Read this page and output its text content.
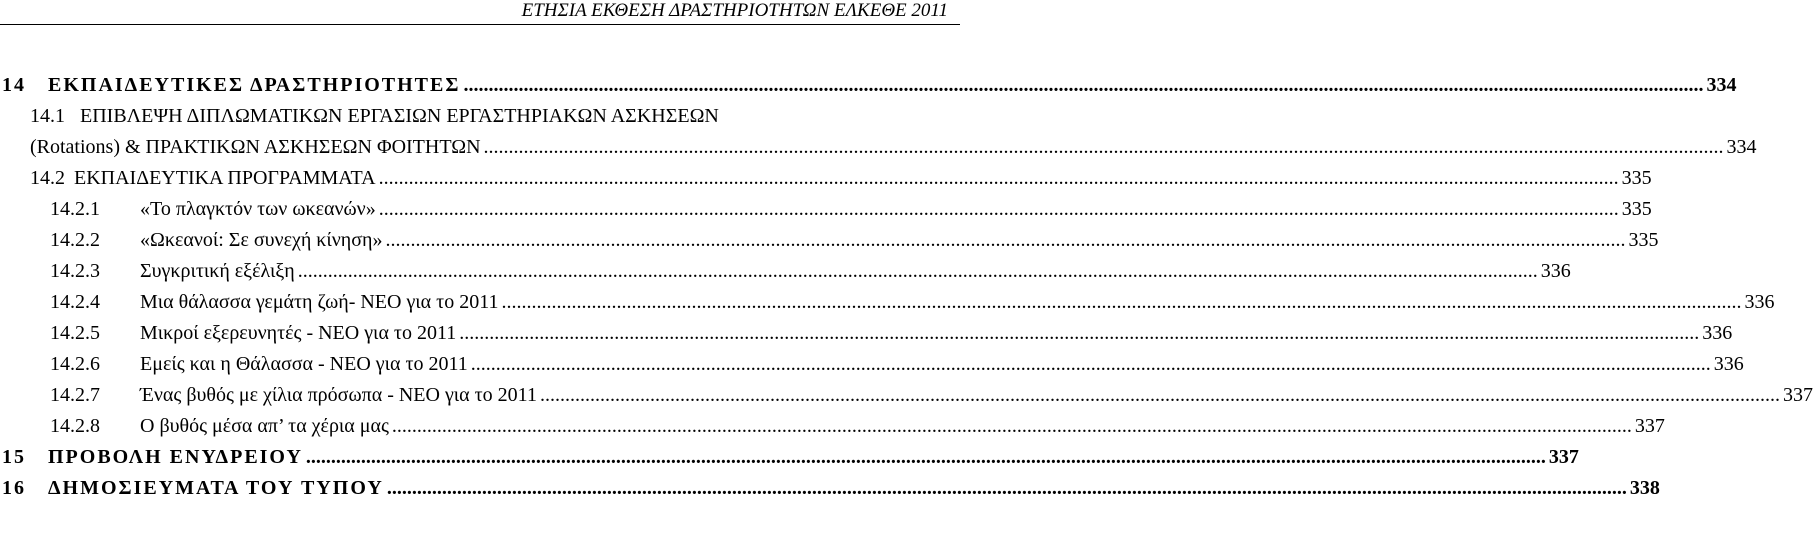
ΕΤΗΣΙΑ ΕΚΘΕΣΗ ΔΡΑΣΤΗΡΙΟΤΗΤΩΝ ΕΛΚΕΘΕ 2011
14	ΕΚΠΑΙΔΕΥΤΙΚΕΣ ΔΡΑΣΤΗΡΙΟΤΗΤΕΣ .....	334
14.1 ΕΠΙΒΛΕΨΗ ΔΙΠΛΩΜΑΤΙΚΩΝ ΕΡΓΑΣΙΩΝ ΕΡΓΑΣΤΗΡΙΑΚΩΝ ΑΣΚΗΣΕΩΝ
(Rotations) & ΠΡΑΚΤΙΚΩΝ ΑΣΚΗΣΕΩΝ ΦΟΙΤΗΤΩΝ .....	334
14.2 ΕΚΠΑΙΔΕΥΤΙΚΑ ΠΡΟΓΡΑΜΜΑΤΑ .....	335
14.2.1	«Το πλαγκτόν των ωκεανών» .....	335
14.2.2	«Ωκεανοί: Σε συνεχή κίνηση» .....	335
14.2.3	Συγκριτική εξέλιξη .....	336
14.2.4	Μια θάλασσα γεμάτη ζωή- ΝΕΟ για το 2011 .....	336
14.2.5	Μικροί εξερευνητές - ΝΕΟ για το 2011 .....	336
14.2.6	Εμείς και η Θάλασσα - ΝΕΟ για το 2011 .....	336
14.2.7	Ένας βυθός με χίλια πρόσωπα - ΝΕΟ για το 2011 .....	337
14.2.8	Ο βυθός μέσα απ’ τα χέρια μας .....	337
15	ΠΡΟΒΟΛΗ ΕΝΥΔΡΕΙΟΥ .....	337
16	ΔΗΜΟΣΙΕΥΜΑΤΑ ΤΟΥ ΤΥΠΟΥ .....	338
